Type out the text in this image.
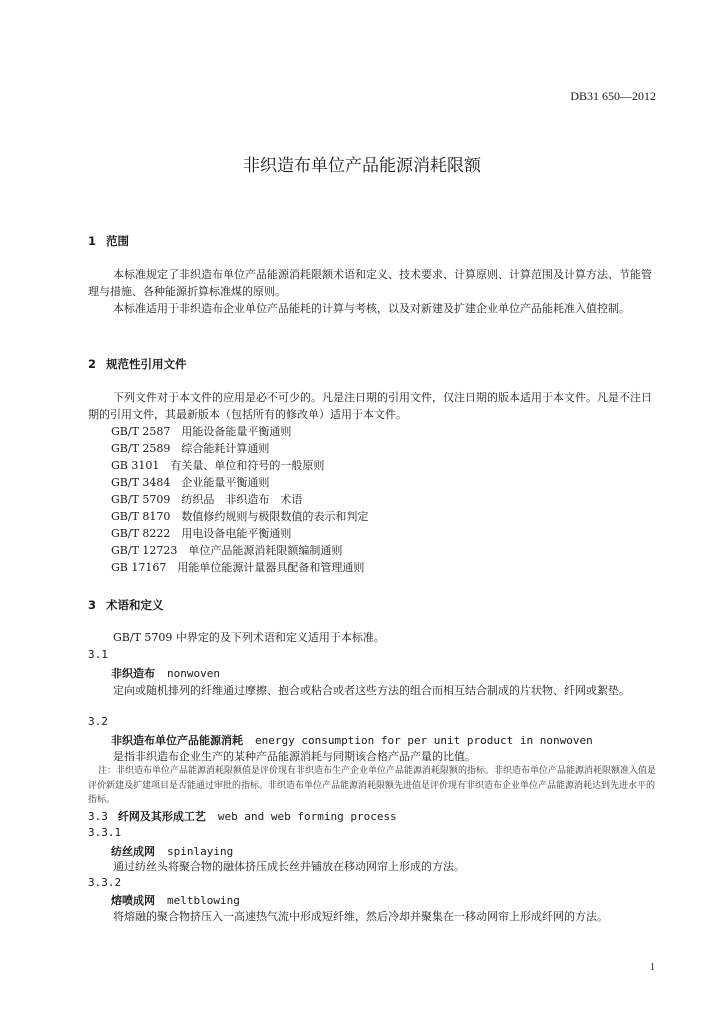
DB31 650—2012
非织造布单位产品能源消耗限额
1 范围
本标准规定了非织造布单位产品能源消耗限额术语和定义、技术要求、计算原则、计算范围及计算方法、节能管理与措施、各种能源折算标准煤的原则。
本标准适用于非织造布企业单位产品能耗的计算与考核，以及对新建及扩建企业单位产品能耗准入值控制。
2 规范性引用文件
下列文件对于本文件的应用是必不可少的。凡是注日期的引用文件，仅注日期的版本适用于本文件。凡是不注日期的引用文件，其最新版本（包括所有的修改单）适用于本文件。
GB/T 2587　用能设备能量平衡通则
GB/T 2589　综合能耗计算通则
GB 3101　有关量、单位和符号的一般原则
GB/T 3484　企业能量平衡通则
GB/T 5709　纺织品　非织造布　术语
GB/T 8170　数值修约规则与极限数值的表示和判定
GB/T 8222　用电设备电能平衡通则
GB/T 12723　单位产品能源消耗限额编制通则
GB 17167　用能单位能源计量器具配备和管理通则
3 术语和定义
GB/T 5709 中界定的及下列术语和定义适用于本标准。
3.1
非织造布 nonwoven
定向或随机排列的纤维通过摩擦、抱合或粘合或者这些方法的组合而相互结合制成的片状物、纤网或絮垫。
3.2
非织造布单位产品能源消耗 energy consumption for per unit product in nonwoven
是指非织造布企业生产的某种产品能源消耗与同期该合格产品产量的比值。
注：非织造布单位产品能源消耗限额值是评价现有非织造布生产企业单位产品能源消耗限额的指标。非织造布单位产品能源消耗限额准入值是评价新建及扩建项目是否能通过审批的指标。非织造布单位产品能源消耗限额先进值是评价现有非织造布企业单位产品能源消耗达到先进水平的指标。
3.3 纤网及其形成工艺 web and web forming process
3.3.1
纺丝成网 spinlaying
通过纺丝头将聚合物的融体挤压成长丝并铺放在移动网帘上形成的方法。
3.3.2
熔喷成网 meltblowing
将熔融的聚合物挤压入一高速热气流中形成短纤维，然后冷却并聚集在一移动网帘上形成纤网的方法。
1
